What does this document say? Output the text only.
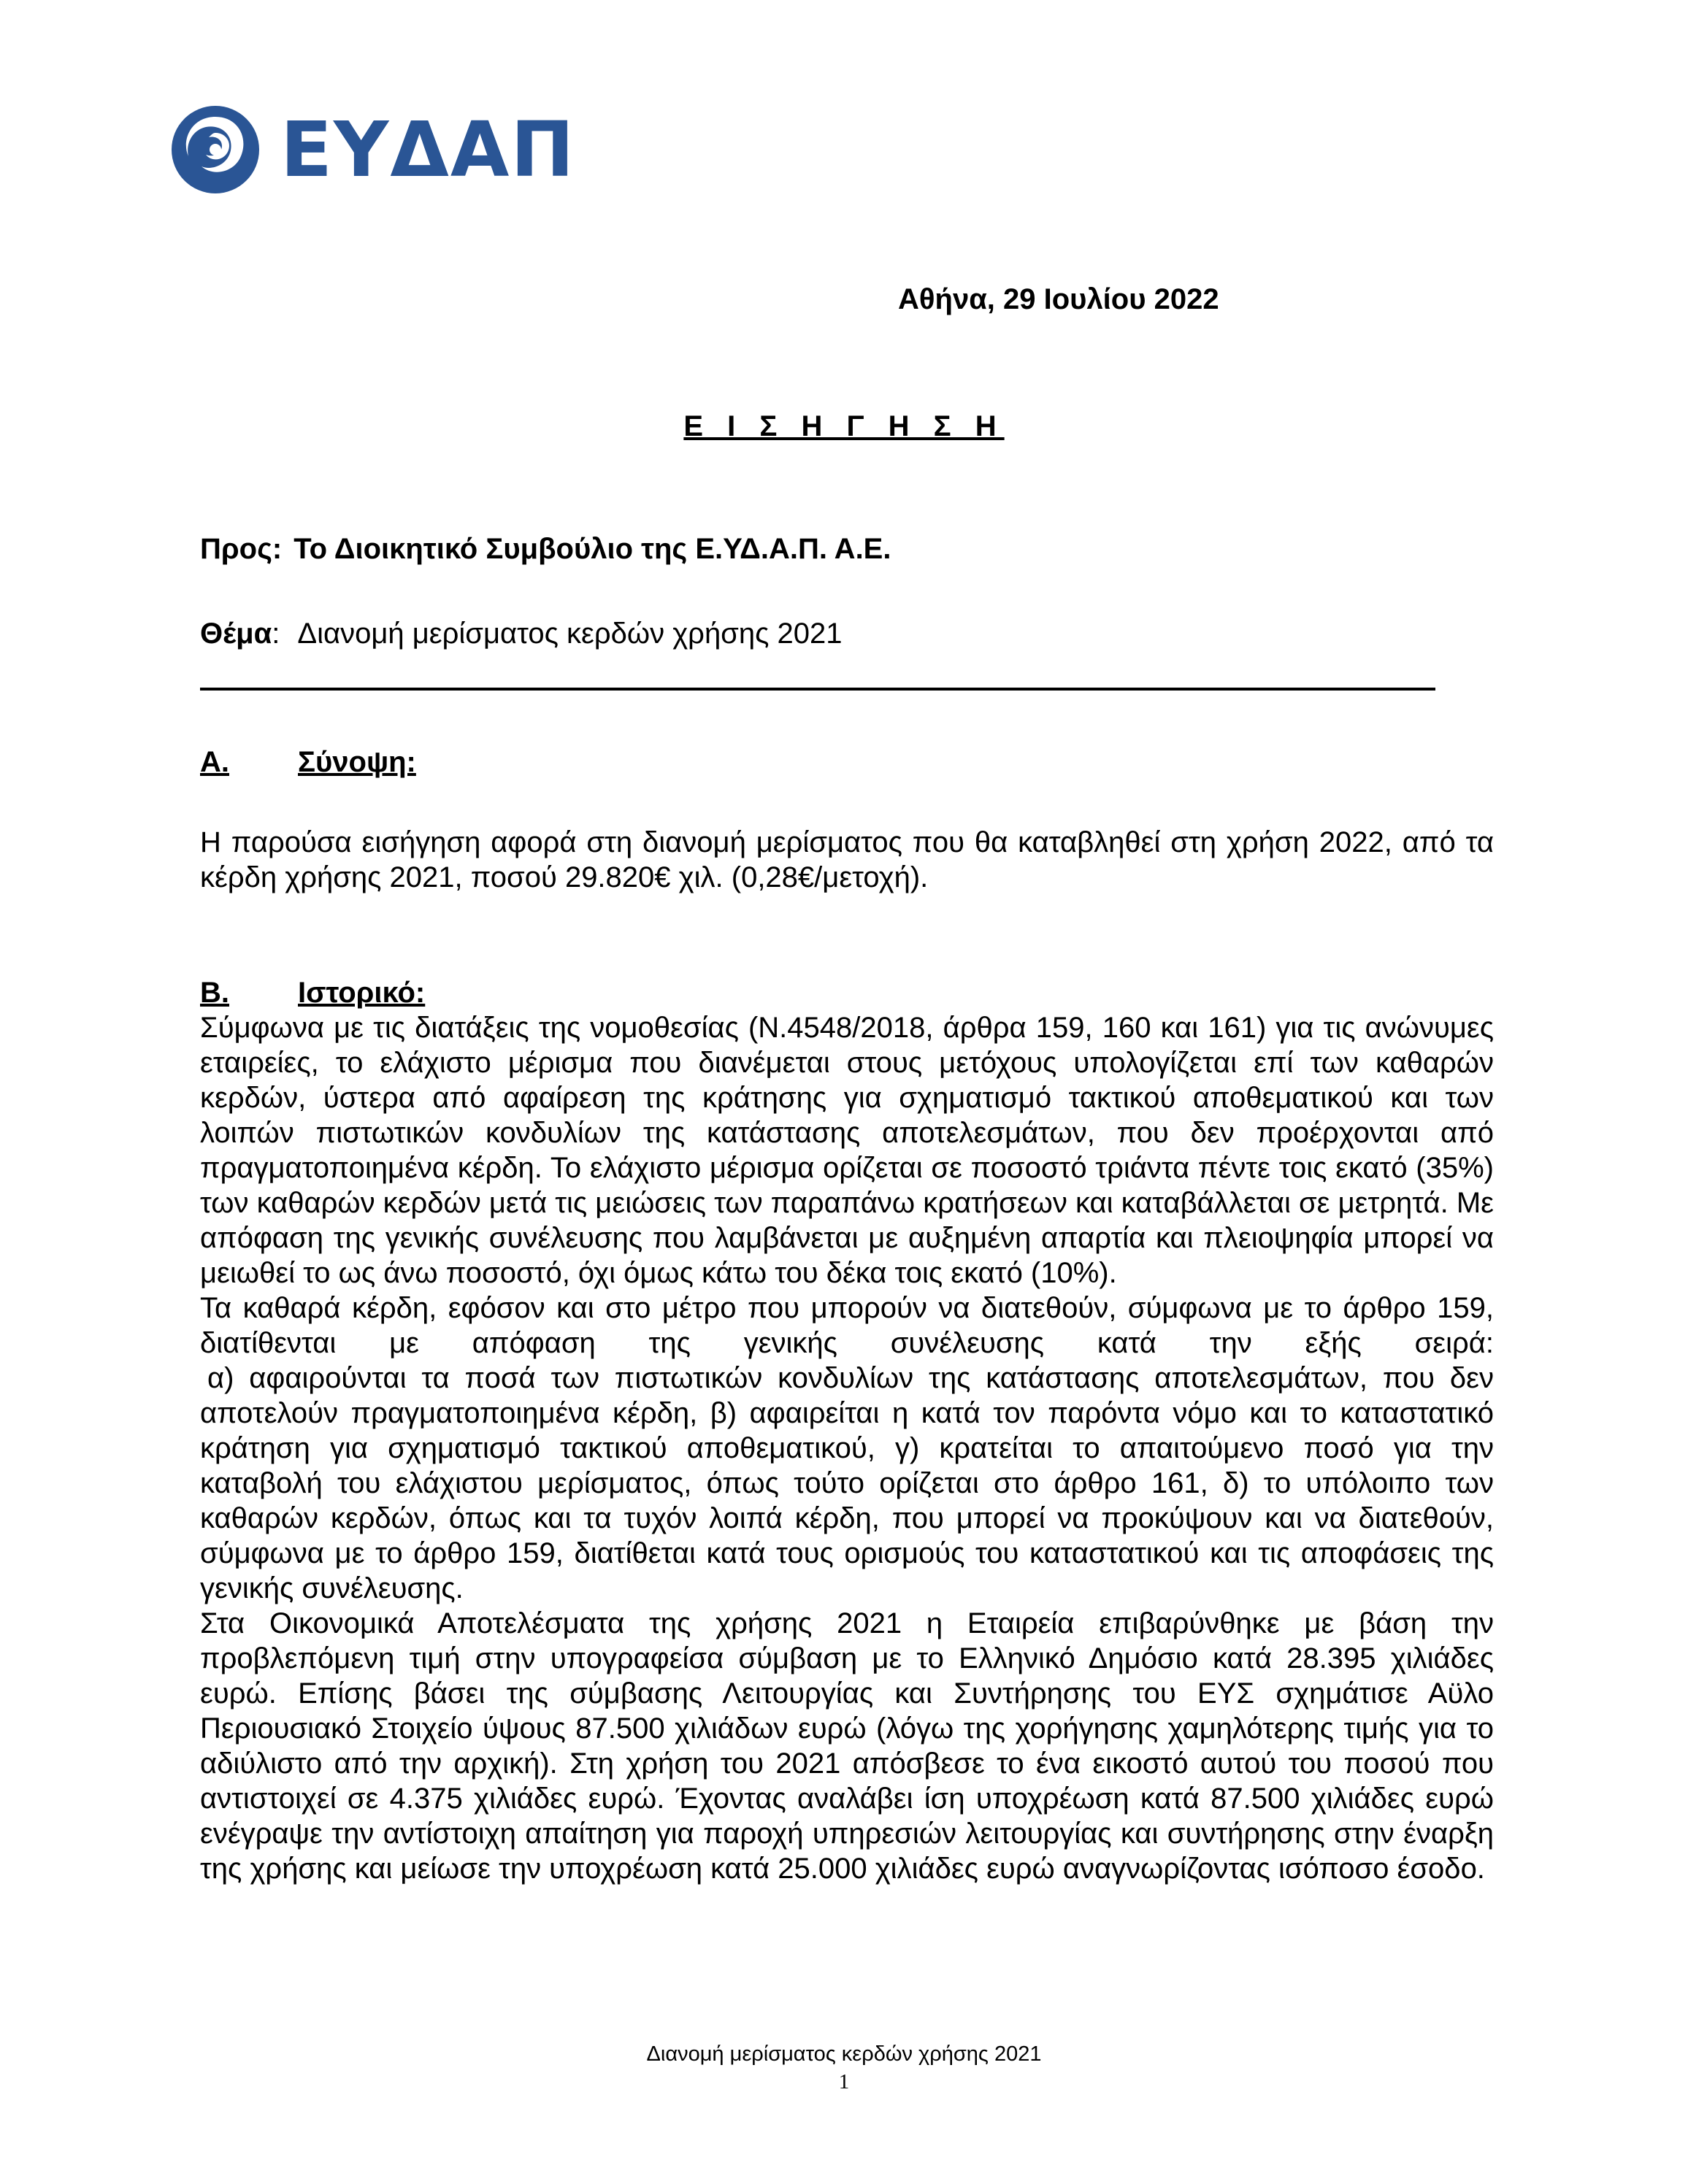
ΕΥΔΑΠ
Αθήνα, 29 Ιουλίου 2022
Ε Ι Σ Η Γ Η Σ Η
Προς: Το Διοικητικό Συμβούλιο της Ε.ΥΔ.Α.Π. Α.Ε.
Θέμα: Διανομή μερίσματος κερδών χρήσης 2021
Α. Σύνοψη:

Η παρούσα εισήγηση αφορά στη διανομή μερίσματος που θα καταβληθεί στη χρήση 2022, από τα κέρδη χρήσης 2021, ποσού 29.820€ χιλ. (0,28€/μετοχή).

Β. Ιστορικό:

Σύμφωνα με τις διατάξεις της νομοθεσίας (Ν.4548/2018, άρθρα 159, 160 και 161) για τις ανώνυμες εταιρείες, το ελάχιστο μέρισμα που διανέμεται στους μετόχους υπολογίζεται επί των καθαρών κερδών, ύστερα από αφαίρεση της κράτησης για σχηματισμό τακτικού αποθεματικού και των λοιπών πιστωτικών κονδυλίων της κατάστασης αποτελεσμάτων, που δεν προέρχονται από πραγματοποιημένα κέρδη. Το ελάχιστο μέρισμα ορίζεται σε ποσοστό τριάντα πέντε τοις εκατό (35%) των καθαρών κερδών μετά τις μειώσεις των παραπάνω κρατήσεων και καταβάλλεται σε μετρητά. Με απόφαση της γενικής συνέλευσης που λαμβάνεται με αυξημένη απαρτία και πλειοψηφία μπορεί να μειωθεί το ως άνω ποσοστό, όχι όμως κάτω του δέκα τοις εκατό (10%).

Τα καθαρά κέρδη, εφόσον και στο μέτρο που μπορούν να διατεθούν, σύμφωνα με το άρθρο 159, διατίθενται με απόφαση της γενικής συνέλευσης κατά την εξής σειρά:

α) αφαιρούνται τα ποσά των πιστωτικών κονδυλίων της κατάστασης αποτελεσμάτων, που δεν αποτελούν πραγματοποιημένα κέρδη, β) αφαιρείται η κατά τον παρόντα νόμο και το καταστατικό κράτηση για σχηματισμό τακτικού αποθεματικού, γ) κρατείται το απαιτούμενο ποσό για την καταβολή του ελάχιστου μερίσματος, όπως τούτο ορίζεται στο άρθρο 161, δ) το υπόλοιπο των καθαρών κερδών, όπως και τα τυχόν λοιπά κέρδη, που μπορεί να προκύψουν και να διατεθούν, σύμφωνα με το άρθρο 159, διατίθεται κατά τους ορισμούς του καταστατικού και τις αποφάσεις της γενικής συνέλευσης.

Στα Οικονομικά Αποτελέσματα της χρήσης 2021 η Εταιρεία επιβαρύνθηκε με βάση την προβλεπόμενη τιμή στην υπογραφείσα σύμβαση με το Ελληνικό Δημόσιο κατά 28.395 χιλιάδες ευρώ. Επίσης βάσει της σύμβασης Λειτουργίας και Συντήρησης του ΕΥΣ σχημάτισε Αϋλο Περιουσιακό Στοιχείο ύψους 87.500 χιλιάδων ευρώ (λόγω της χορήγησης χαμηλότερης τιμής για το αδιύλιστο από την αρχική). Στη χρήση του 2021 απόσβεσε το ένα εικοστό αυτού του ποσού που αντιστοιχεί σε 4.375 χιλιάδες ευρώ. Έχοντας αναλάβει ίση υποχρέωση κατά 87.500 χιλιάδες ευρώ ενέγραψε την αντίστοιχη απαίτηση για παροχή υπηρεσιών λειτουργίας και συντήρησης στην έναρξη της χρήσης και μείωσε την υποχρέωση κατά 25.000 χιλιάδες ευρώ αναγνωρίζοντας ισόποσο έσοδο.

Διανομή μερίσματος κερδών χρήσης 2021
1
